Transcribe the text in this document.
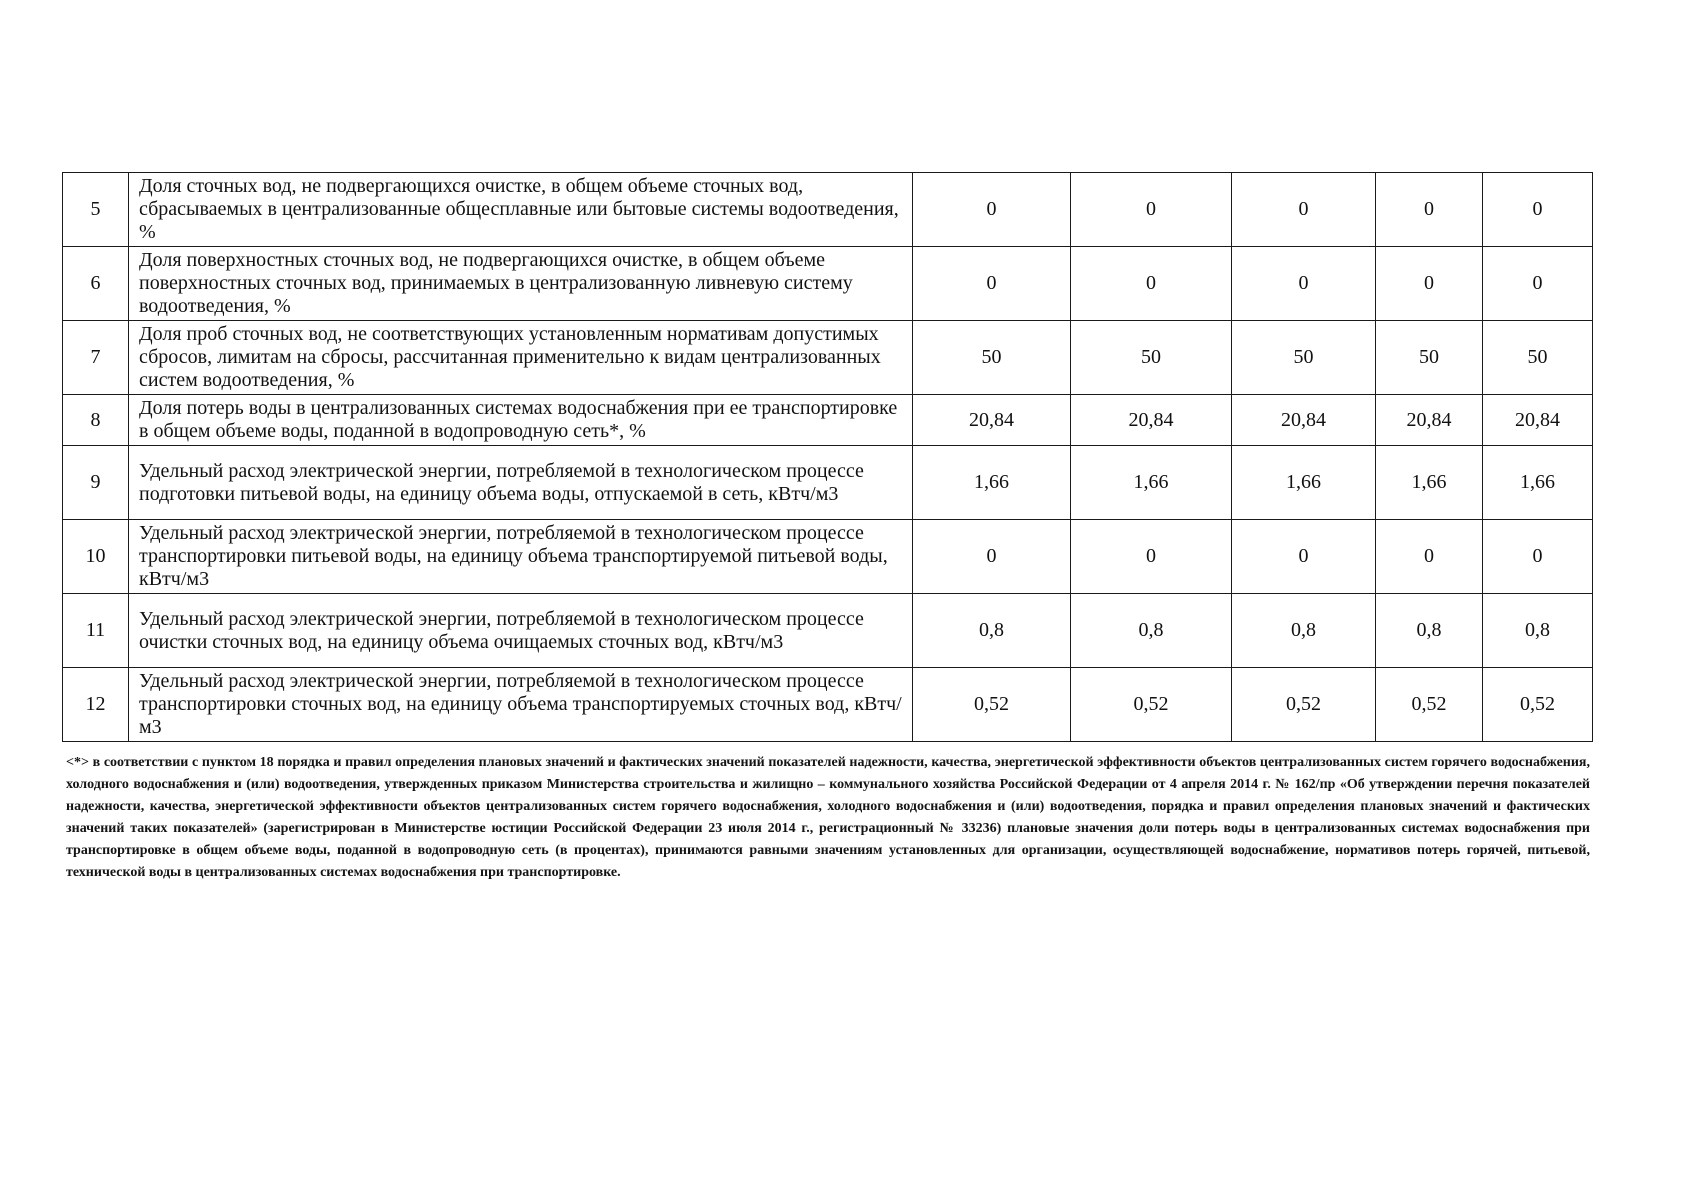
5	Доля сточных вод, не подвергающихся очистке, в общем объеме сточных вод, сбрасываемых в централизованные общесплавные или бытовые системы водоотведения, %	0	0	0	0	0
6	Доля поверхностных сточных вод, не подвергающихся очистке, в общем объеме поверхностных сточных вод, принимаемых в централизованную ливневую систему водоотведения, %	0	0	0	0	0
7	Доля проб сточных вод, не соответствующих установленным нормативам допустимых сбросов, лимитам на сбросы, рассчитанная применительно к видам централизованных систем водоотведения, %	50	50	50	50	50
8	Доля потерь воды в централизованных системах водоснабжения при ее транспортировке в общем объеме воды, поданной в водопроводную сеть*, %	20,84	20,84	20,84	20,84	20,84
9	Удельный расход электрической энергии, потребляемой в технологическом процессе подготовки питьевой воды, на единицу объема воды, отпускаемой в сеть, кВтч/м3	1,66	1,66	1,66	1,66	1,66
10	Удельный расход электрической энергии, потребляемой в технологическом процессе транспортировки питьевой воды, на единицу объема транспортируемой питьевой воды, кВтч/м3	0	0	0	0	0
11	Удельный расход электрической энергии, потребляемой в технологическом процессе очистки сточных вод, на единицу объема очищаемых сточных вод, кВтч/м3	0,8	0,8	0,8	0,8	0,8
12	Удельный расход электрической энергии, потребляемой в технологическом процессе транспортировки сточных вод, на единицу объема транспортируемых сточных вод, кВтч/м3	0,52	0,52	0,52	0,52	0,52
<*> в соответствии с пунктом 18 порядка и правил определения плановых значений и фактических значений показателей надежности, качества, энергетической эффективности объектов централизованных систем горячего водоснабжения, холодного водоснабжения и (или) водоотведения, утвержденных приказом Министерства строительства и жилищно – коммунального хозяйства Российской Федерации от 4 апреля 2014 г. № 162/пр «Об утверждении перечня показателей надежности, качества, энергетической эффективности объектов централизованных систем горячего водоснабжения, холодного водоснабжения и (или) водоотведения, порядка и правил определения плановых значений и фактических значений таких показателей» (зарегистрирован в Министерстве юстиции Российской Федерации 23 июля 2014 г., регистрационный № 33236) плановые значения доли потерь воды в централизованных системах водоснабжения при транспортировке в общем объеме воды, поданной в водопроводную сеть (в процентах), принимаются равными значениям установленных для организации, осуществляющей водоснабжение, нормативов потерь горячей, питьевой, технической воды в централизованных системах водоснабжения при транспортировке.
